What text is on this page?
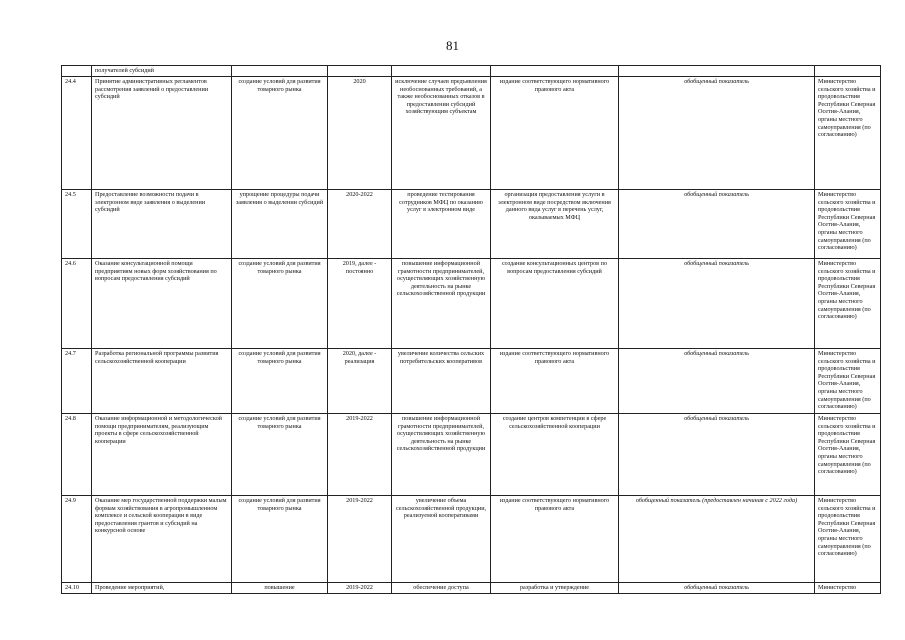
81
	получателей субсидий						
24.4	Принятие административных регламентов рассмотрения заявлений о предоставлении субсидий	создание условий для развития товарного рынка	2020	исключение случаев предъявления необоснованных требований, а также необоснованных отказов в предоставлении субсидий хозяйствующим субъектам	издание соответствующего нормативного правового акта	обобщенный показатель	Министерство сельского хозяйства и продовольствия Республики Северная Осетия-Алания, органы местного самоуправления (по согласованию)
24.5	Предоставление возможности подачи в электронном виде заявления о выделении субсидий	упрощение процедуры подачи заявления о выделении субсидий	2020-2022	проведение тестирования сотрудников МФЦ по оказанию услуг в электронном виде	организация предоставления услуги в электронном виде посредством включения данного вида услуг в перечень услуг, оказываемых МФЦ	обобщенный показатель	Министерство сельского хозяйства и продовольствия Республики Северная Осетия-Алания, органы местного самоуправления (по согласованию)
24.6	Оказание консультационной помощи предприятиям новых форм хозяйствования по вопросам предоставления субсидий	создание условий для развития товарного рынка	2019, далее - постоянно	повышение информационной грамотности предпринимателей, осуществляющих хозяйственную деятельность на рынке сельскохозяйственной продукции	создание консультационных центров по вопросам предоставления субсидий	обобщенный показатель	Министерство сельского хозяйства и продовольствия Республики Северная Осетия-Алания, органы местного самоуправления (по согласованию)
24.7	Разработка региональной программы развития сельскохозяйственной кооперации	создание условий для развития товарного рынка	2020, далее - реализация	увеличение количества сельских потребительских кооперативов	издание соответствующего нормативного правового акта	обобщенный показатель	Министерство сельского хозяйства и продовольствия Республики Северная Осетия-Алания, органы местного самоуправления (по согласованию)
24.8	Оказание информационной и методологической помощи предпринимателям, реализующим проекты в сфере сельскохозяйственной кооперации	создание условий для развития товарного рынка	2019-2022	повышение информационной грамотности предпринимателей, осуществляющих хозяйственную деятельность на рынке сельскохозяйственной продукции	создание центров компетенции в сфере сельскохозяйственной кооперации	обобщенный показатель	Министерство сельского хозяйства и продовольствия Республики Северная Осетия-Алания, органы местного самоуправления (по согласованию)
24.9	Оказание мер государственной поддержки малым формам хозяйствования в агропромышленном комплексе и сельской кооперации в виде предоставления грантов и субсидий на конкурсной основе	создание условий для развития товарного рынка	2019-2022	увеличение объема сельскохозяйственной продукции, реализуемой кооперативами	издание соответствующего нормативного правового акта	обобщенный показатель (предоставлен начиная с 2022 года)	Министерство сельского хозяйства и продовольствия Республики Северная Осетия-Алания, органы местного самоуправления (по согласованию)
24.10	Проведение мероприятий,	повышение	2019-2022	обеспечение доступа	разработка и утверждение	обобщенный показатель	Министерство
